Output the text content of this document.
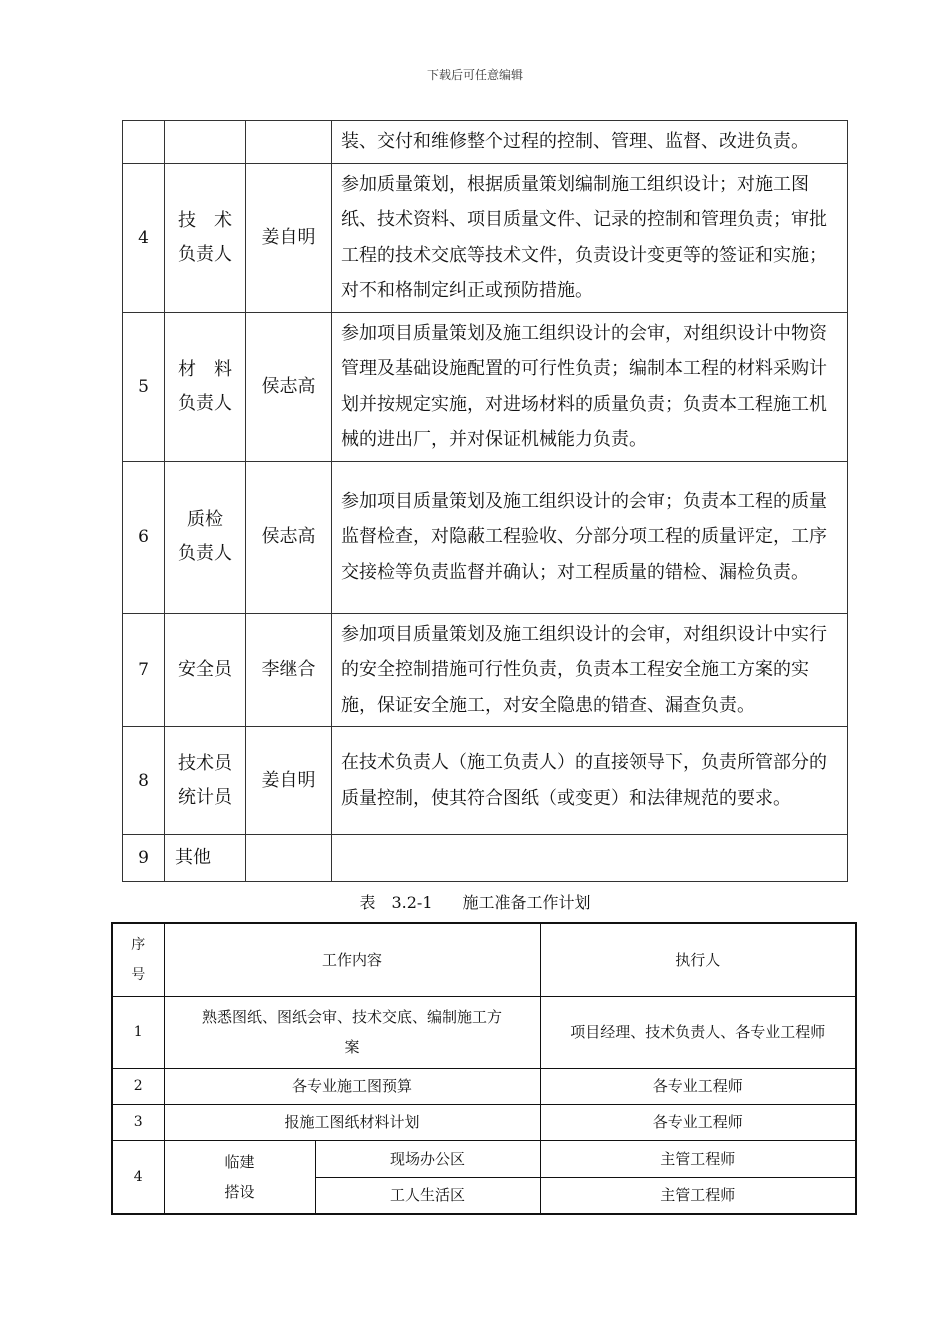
下载后可任意编辑
			装、交付和维修整个过程的控制、管理、监督、改进负责。
4	技　术
负责人	姜自明	参加质量策划，根据质量策划编制施工组织设计；对施工图纸、技术资料、项目质量文件、记录的控制和管理负责；审批工程的技术交底等技术文件，负责设计变更等的签证和实施；对不和格制定纠正或预防措施。
5	材　料
负责人	侯志高	参加项目质量策划及施工组织设计的会审，对组织设计中物资管理及基础设施配置的可行性负责；编制本工程的材料采购计划并按规定实施，对进场材料的质量负责；负责本工程施工机械的进出厂，并对保证机械能力负责。
6	质检
负责人	侯志高	参加项目质量策划及施工组织设计的会审；负责本工程的质量监督检查，对隐蔽工程验收、分部分项工程的质量评定，工序交接检等负责监督并确认；对工程质量的错检、漏检负责。
7	安全员	李继合	参加项目质量策划及施工组织设计的会审，对组织设计中实行的安全控制措施可行性负责，负责本工程安全施工方案的实施，保证安全施工，对安全隐患的错查、漏查负责。
8	技术员
统计员	姜自明	在技术负责人（施工负责人）的直接领导下，负责所管部分的质量控制，使其符合图纸（或变更）和法律规范的要求。
9	其他		
表　3.2-1 施工准备工作计划
序
号	工作内容		执行人
1	熟悉图纸、图纸会审、技术交底、编制施工方
案		项目经理、技术负责人、各专业工程师
2	各专业施工图预算		各专业工程师
3	报施工图纸材料计划		各专业工程师
4	临建
搭设	现场办公区	主管工程师
		工人生活区	主管工程师
